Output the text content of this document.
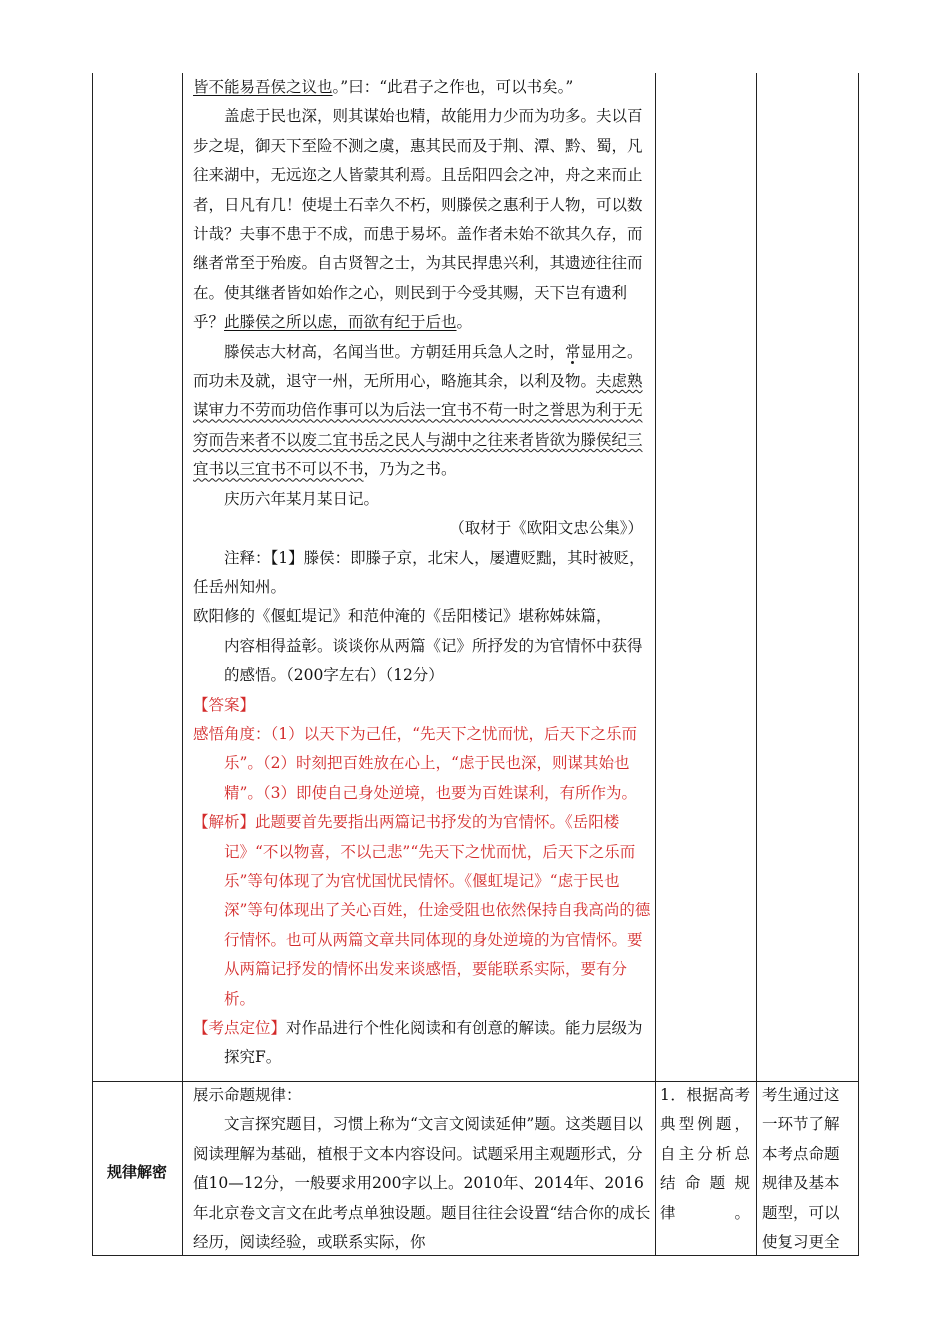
皆不能易吾侯之议也。”曰：“此君子之作也，可以书矣。”

盖虑于民也深，则其谋始也精，故能用力少而为功多。夫以百步之堤，御天下至险不测之虞，惠其民而及于荆、潭、黔、蜀，凡往来湖中，无远迩之人皆蒙其利焉。且岳阳四会之冲，舟之来而止者，日凡有几！使堤土石幸久不朽，则滕侯之惠利于人物，可以数计哉？夫事不患于不成，而患于易坏。盖作者未始不欲其久存，而继者常至于殆废。自古贤智之士，为其民捍患兴利，其遗迹往往而在。使其继者皆如始作之心，则民到于今受其赐，天下岂有遗利乎？此滕侯之所以虑，而欲有纪于后也。

滕侯志大材高，名闻当世。方朝廷用兵急人之时，常显用之。而功未及就，退守一州，无所用心，略施其余，以利及物。夫虑熟谋审力不劳而功倍作事可以为后法一宜书不苟一时之誉思为利于无穷而告来者不以废二宜书岳之民人与湖中之往来者皆欲为滕侯纪三宜书以三宜书不可以不书，乃为之书。

庆历六年某月某日记。

（取材于《欧阳文忠公集》）

注释：【1】滕侯：即滕子京，北宋人，屡遭贬黜，其时被贬，任岳州知州。

欧阳修的《偃虹堤记》和范仲淹的《岳阳楼记》堪称姊妹篇，

内容相得益彰。谈谈你从两篇《记》所抒发的为官情怀中获得的感悟。（200字左右）（12分）

【答案】

感悟角度：（1）以天下为己任，“先天下之忧而忧，后天下之乐而乐”。（2）时刻把百姓放在心上，“虑于民也深，则谋其始也精”。（3）即使自己身处逆境，也要为百姓谋利，有所作为。

【解析】此题要首先要指出两篇记书抒发的为官情怀。《岳阳楼记》“不以物喜，不以己悲”“先天下之忧而忧，后天下之乐而乐”等句体现了为官忧国忧民情怀。《偃虹堤记》“虑于民也深”等句体现出了关心百姓，仕途受阻也依然保持自我高尚的德行情怀。也可从两篇文章共同体现的身处逆境的为官情怀。要从两篇记抒发的情怀出发来谈感悟，要能联系实际，要有分析。

【考点定位】对作品进行个性化阅读和有创意的解读。能力层级为探究F。

规律解密

展示命题规律：

文言探究题目，习惯上称为“文言文阅读延伸”题。这类题目以阅读理解为基础，植根于文本内容设问。试题采用主观题形式，分值10—12分，一般要求用200字以上。2010年、2014年、2016年北京卷文言文在此考点单独设题。题目往往会设置“结合你的成长经历，阅读经验，或联系实际，你

1．根据高考典型例题，自主分析总结命题规律。

考生通过这一环节了解本考点命题规律及基本题型，可以使复习更全
